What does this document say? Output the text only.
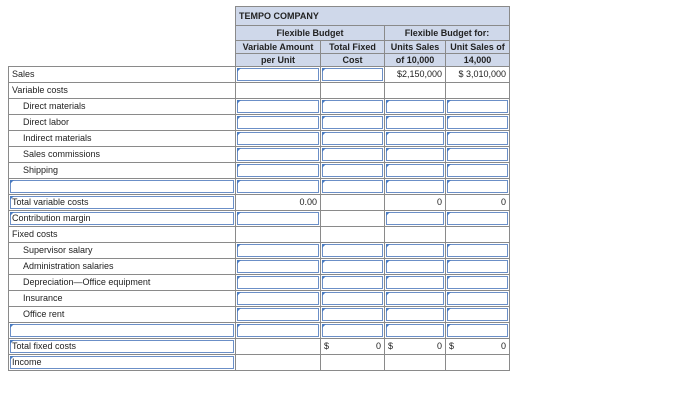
	TEMPO COMPANY			
	Flexible Budget		Flexible Budget for:	
	Variable Amount	Total Fixed	Units Sales	Unit Sales of
	per Unit	Cost	of 10,000	14,000
Sales			$2,150,000	$ 3,010,000
Variable costs				
Direct materials				
Direct labor				
Indirect materials				
Sales commissions				
Shipping				

Total variable costs	0.00		0	0
Contribution margin				
Fixed costs				
Supervisor salary				
Administration salaries				
Depreciation—Office equipment				
Insurance				
Office rent				

Total fixed costs		$ 0	$ 0	$ 0
Income				
